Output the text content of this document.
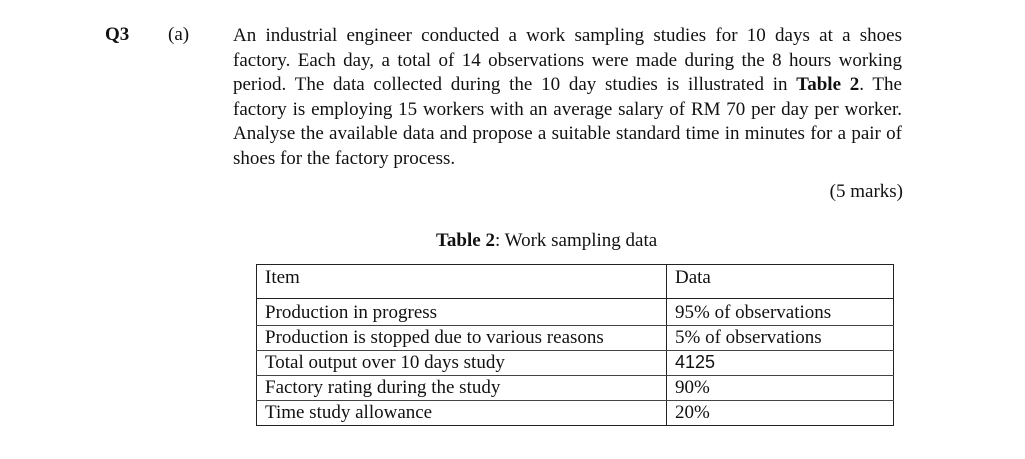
Q3 (a) An industrial engineer conducted a work sampling studies for 10 days at a shoes factory. Each day, a total of 14 observations were made during the 8 hours working period. The data collected during the 10 day studies is illustrated in Table 2. The factory is employing 15 workers with an average salary of RM 70 per day per worker. Analyse the available data and propose a suitable standard time in minutes for a pair of shoes for the factory process.

(5 marks)
Table 2: Work sampling data
Item	Data
Production in progress	95% of observations
Production is stopped due to various reasons	5% of observations
Total output over 10 days study	4125
Factory rating during the study	90%
Time study allowance	20%
